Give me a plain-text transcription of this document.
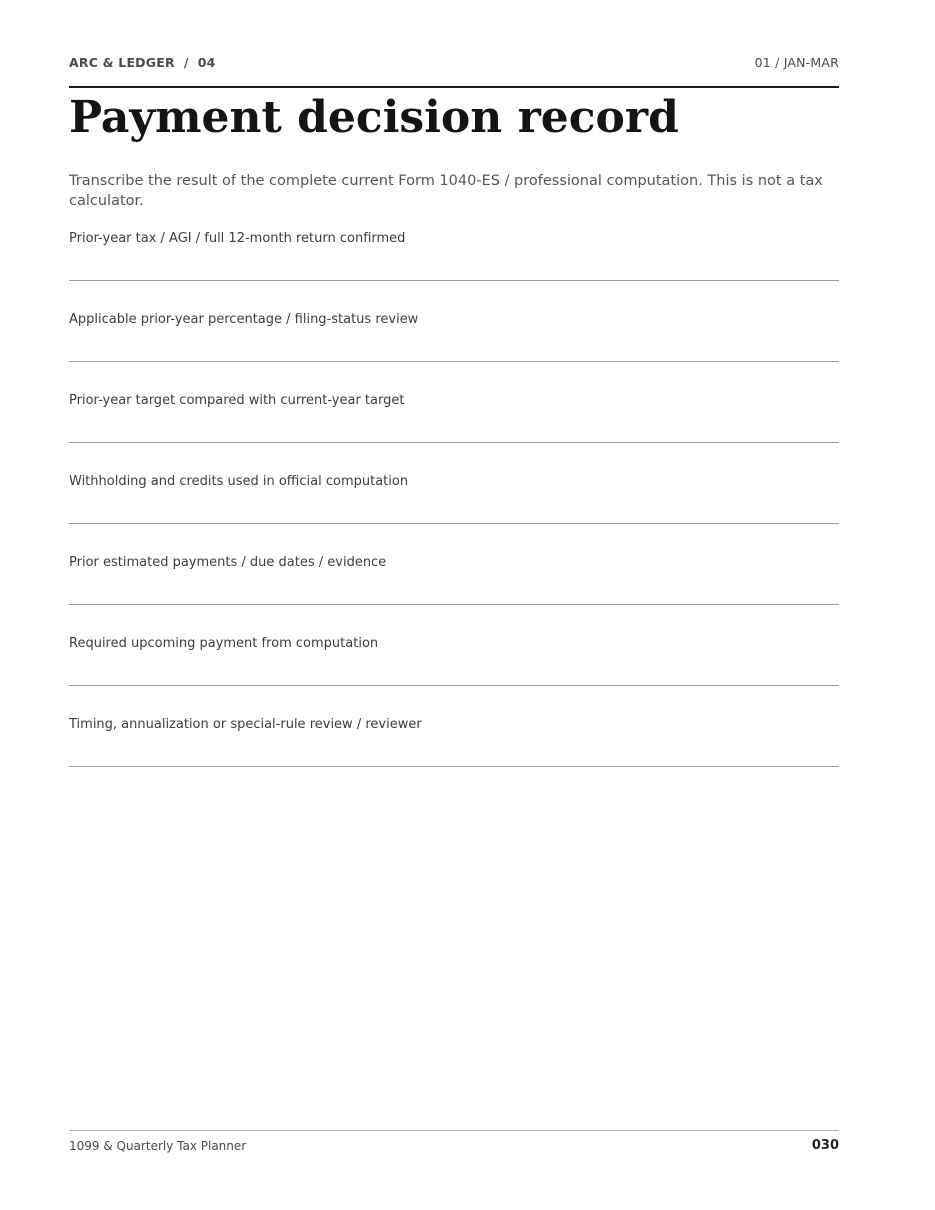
ARC & LEDGER  /  04	01 / JAN-MAR
Payment decision record

Transcribe the result of the complete current Form 1040-ES / professional computation. This is not a tax calculator.

Prior-year tax / AGI / full 12-month return confirmed
Applicable prior-year percentage / filing-status review
Prior-year target compared with current-year target
Withholding and credits used in official computation
Prior estimated payments / due dates / evidence
Required upcoming payment from computation
Timing, annualization or special-rule review / reviewer
1099 & Quarterly Tax Planner	030
